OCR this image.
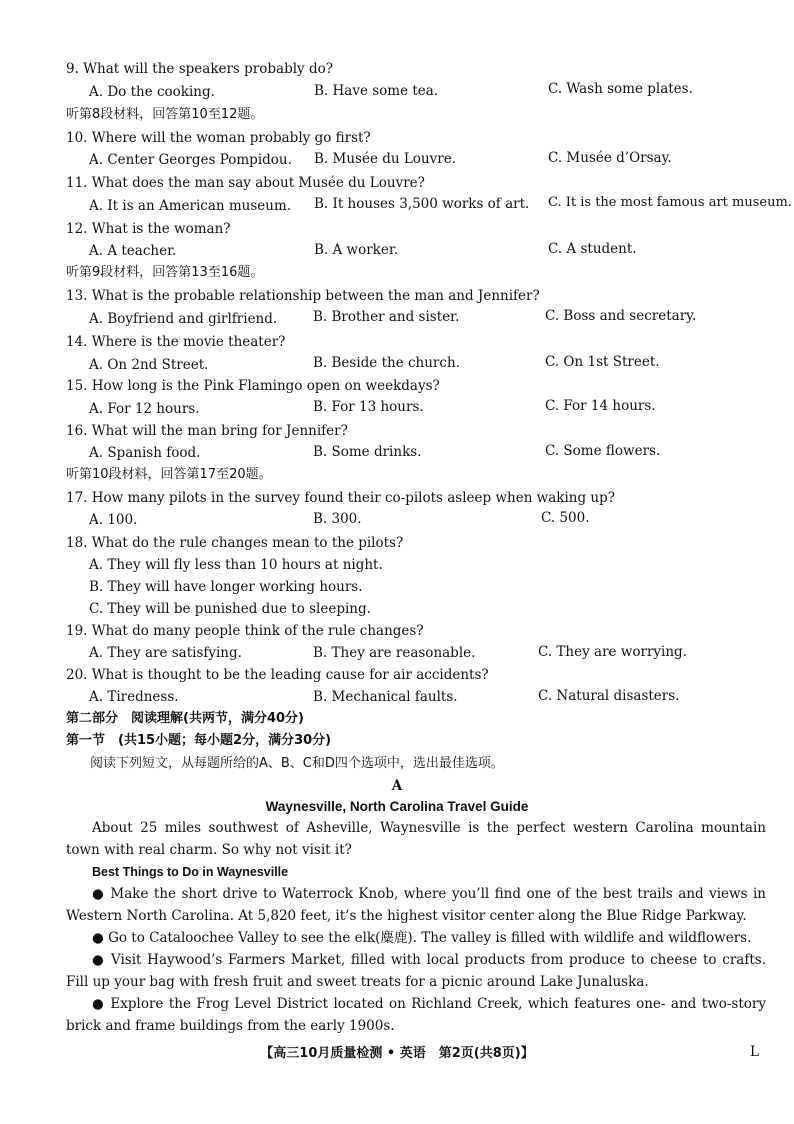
9. What will the speakers probably do?
A. Do the cooking.	B. Have some tea.	C. Wash some plates.
听第8段材料，回答第10至12题。
10. Where will the woman probably go first?
A. Center Georges Pompidou. B. Musée du Louvre.	C. Musée d’Orsay.
11. What does the man say about Musée du Louvre?
A. It is an American museum. B. It houses 3,500 works of art. C. It is the most famous art museum.
12. What is the woman?
A. A teacher.	B. A worker.	C. A student.
听第9段材料，回答第13至16题。
13. What is the probable relationship between the man and Jennifer?
A. Boyfriend and girlfriend.	B. Brother and sister.	C. Boss and secretary.
14. Where is the movie theater?
A. On 2nd Street.	B. Beside the church.	C. On 1st Street.
15. How long is the Pink Flamingo open on weekdays?
A. For 12 hours.	B. For 13 hours.	C. For 14 hours.
16. What will the man bring for Jennifer?
A. Spanish food.	B. Some drinks.	C. Some flowers.
听第10段材料，回答第17至20题。
17. How many pilots in the survey found their co-pilots asleep when waking up?
A. 100.	B. 300.	C. 500.
18. What do the rule changes mean to the pilots?
A. They will fly less than 10 hours at night.
B. They will have longer working hours.
C. They will be punished due to sleeping.
19. What do many people think of the rule changes?
A. They are satisfying.	B. They are reasonable.	C. They are worrying.
20. What is thought to be the leading cause for air accidents?
A. Tiredness.	B. Mechanical faults.	C. Natural disasters.
第二部分　阅读理解(共两节，满分40分)
第一节　(共15小题；每小题2分，满分30分)
阅读下列短文，从每题所给的A、B、C和D四个选项中，选出最佳选项。
A
Waynesville, North Carolina Travel Guide
About 25 miles southwest of Asheville, Waynesville is the perfect western Carolina mountain town with real charm. So why not visit it?
Best Things to Do in Waynesville
● Make the short drive to Waterrock Knob, where you’ll find one of the best trails and views in Western North Carolina. At 5,820 feet, it’s the highest visitor center along the Blue Ridge Parkway.
● Go to Cataloochee Valley to see the elk(麋鹿). The valley is filled with wildlife and wildflowers.
● Visit Haywood’s Farmers Market, filled with local products from produce to cheese to crafts. Fill up your bag with fresh fruit and sweet treats for a picnic around Lake Junaluska.
● Explore the Frog Level District located on Richland Creek, which features one- and two-story brick and frame buildings from the early 1900s.
【高三10月质量检测 • 英语　第2页(共8页)】	L
